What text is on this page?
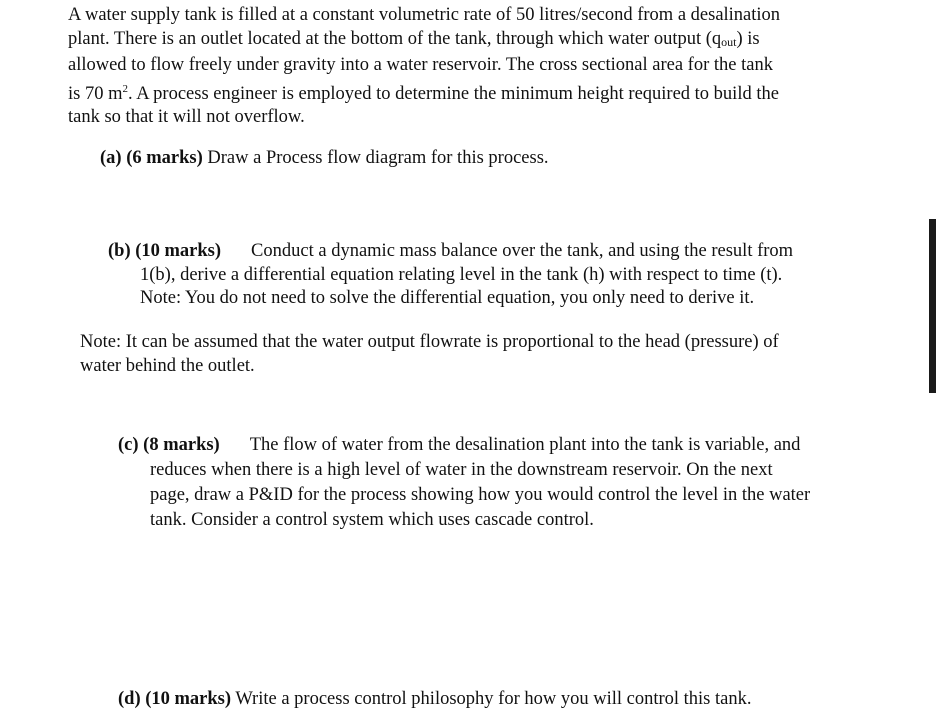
A water supply tank is filled at a constant volumetric rate of 50 litres/second from a desalination
plant. There is an outlet located at the bottom of the tank, through which water output (qout) is
allowed to flow freely under gravity into a water reservoir. The cross sectional area for the tank
is 70 $m^2$. A process engineer is employed to determine the minimum height required to build the
tank so that it will not overflow.
(a) (6 marks) Draw a Process flow diagram for this process.
(b) (10 marks) Conduct a dynamic mass balance over the tank, and using the result from
1(b), derive a differential equation relating level in the tank (h) with respect to time (t).
Note: You do not need to solve the differential equation, you only need to derive it.
Note: It can be assumed that the water output flowrate is proportional to the head (pressure) of
water behind the outlet.
(c) (8 marks) The flow of water from the desalination plant into the tank is variable, and
reduces when there is a high level of water in the downstream reservoir. On the next
page, draw a P&ID for the process showing how you would control the level in the water
tank. Consider a control system which uses cascade control.
(d) (10 marks) Write a process control philosophy for how you will control this tank.
